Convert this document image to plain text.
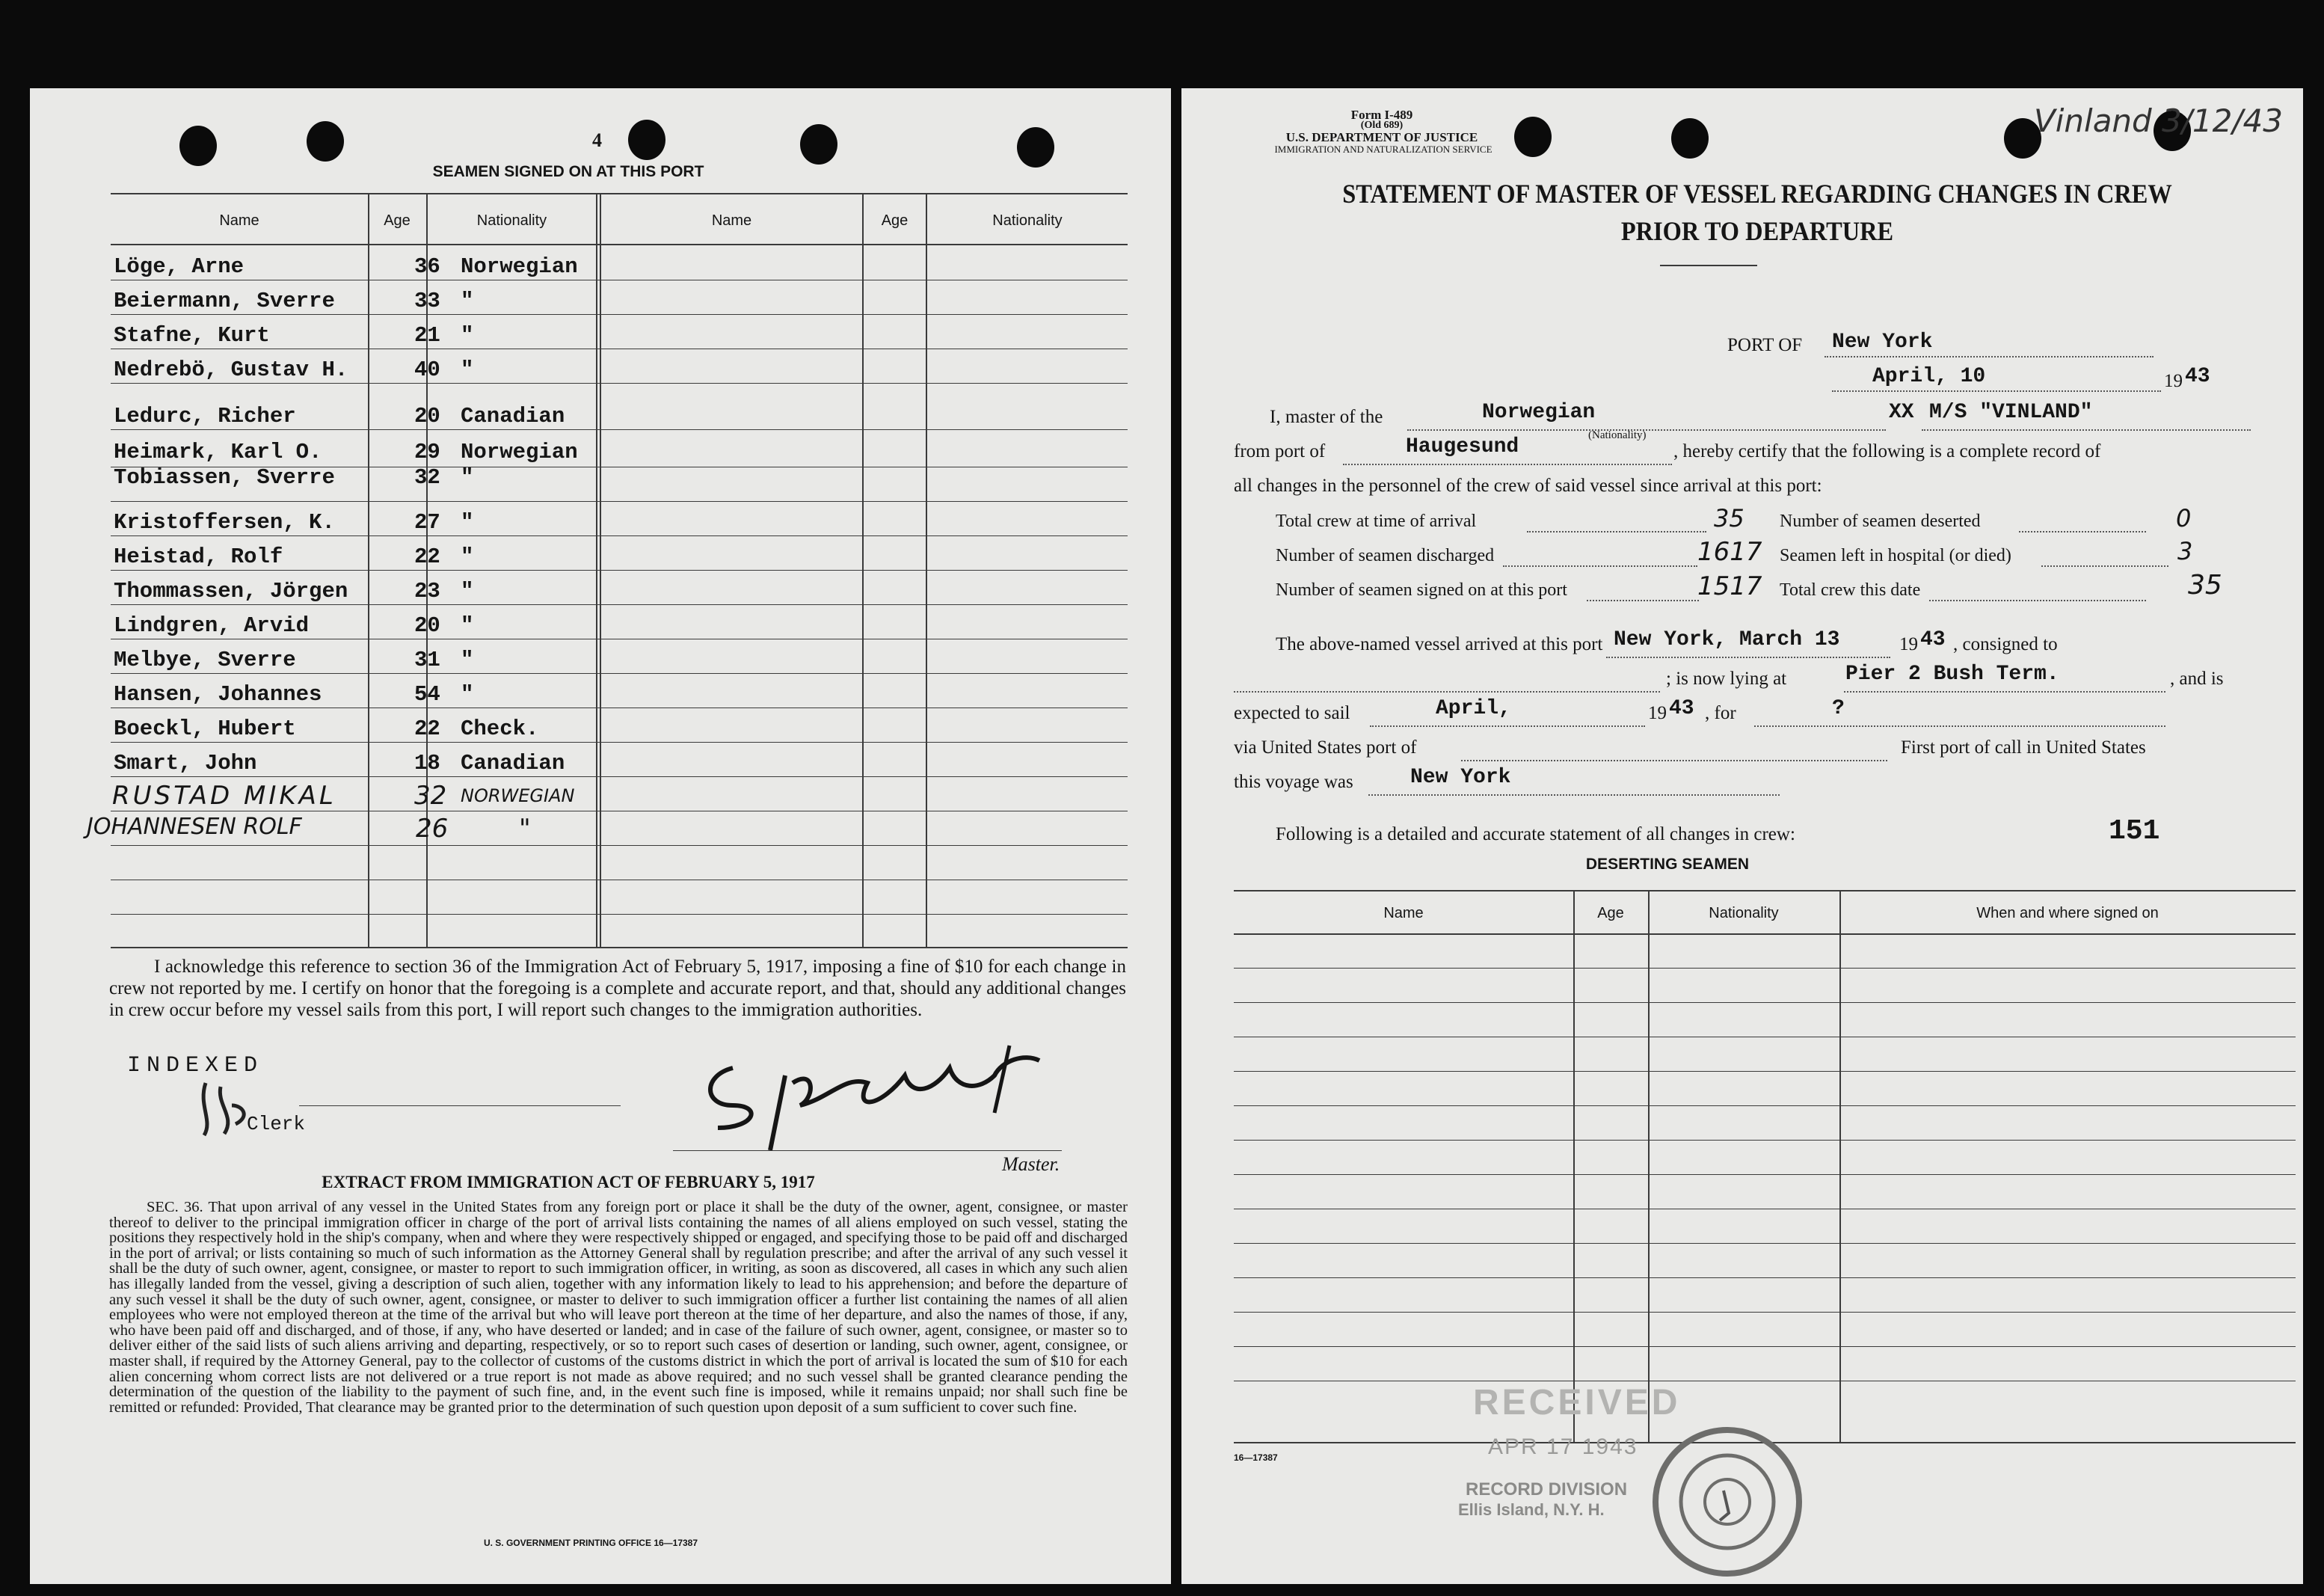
4
SEAMEN SIGNED ON AT THIS PORT
Name	Age	Nationality	Name	Age	Nationality
Löge, Arne	36 Norwegian
Beiermann, Sverre	33 "
Stafne, Kurt	21 "
Nedrebö, Gustav H.	40 "
Ledurc, Richer	20 Canadian
Heimark, Karl O.	29 Norwegian
Tobiassen, Sverre	32 "
Kristoffersen, K.	27 "
Heistad, Rolf	22 "
Thommassen, Jörgen	23 "
Lindgren, Arvid	20 "
Melbye, Sverre	31 "
Hansen, Johannes	54 "
Boeckl, Hubert	22 Check.
Smart, John	18 Canadian
RUSTAD MIKAL	32 NORWEGIAN
JOHANNESEN ROLF	26	"
I acknowledge this reference to section 36 of the Immigration Act of February 5, 1917, imposing a fine of $10 for each change in crew not reported by me. I certify on honor that the foregoing is a complete and accurate report, and that, should any additional changes in crew occur before my vessel sails from this port, I will report such changes to the immigration authorities.
INDEXED
Clerk
Master.
EXTRACT FROM IMMIGRATION ACT OF FEBRUARY 5, 1917
SEC. 36. That upon arrival of any vessel in the United States from any foreign port or place it shall be the duty of the owner, agent, consignee, or master thereof to deliver to the principal immigration officer in charge of the port of arrival lists containing the names of all aliens employed on such vessel, stating the positions they respectively hold in the ship's company, when and where they were respectively shipped or engaged, and specifying those to be paid off and discharged in the port of arrival; or lists containing so much of such information as the Attorney General shall by regulation prescribe; and after the arrival of any such vessel it shall be the duty of such owner, agent, consignee, or master to report to such immigration officer, in writing, as soon as discovered, all cases in which any such alien has illegally landed from the vessel, giving a description of such alien, together with any information likely to lead to his apprehension; and before the departure of any such vessel it shall be the duty of such owner, agent, consignee, or master to deliver to such immigration officer a further list containing the names of all alien employees who were not employed thereon at the time of the arrival but who will leave port thereon at the time of her departure, and also the names of those, if any, who have been paid off and discharged, and of those, if any, who have deserted or landed; and in case of the failure of such owner, agent, consignee, or master so to deliver either of the said lists of such aliens arriving and departing, respectively, or so to report such cases of desertion or landing, such owner, agent, consignee, or master shall, if required by the Attorney General, pay to the collector of customs of the customs district in which the port of arrival is located the sum of $10 for each alien concerning whom correct lists are not delivered or a true report is not made as above required; and no such vessel shall be granted clearance pending the determination of the question of the liability to the payment of such fine, and, in the event such fine is imposed, while it remains unpaid; nor shall such fine be remitted or refunded: Provided, That clearance may be granted prior to the determination of such question upon deposit of a sum sufficient to cover such fine.
U. S. GOVERNMENT PRINTING OFFICE 16—17387
Form I-489
(Old 689)
U.S. DEPARTMENT OF JUSTICE
IMMIGRATION AND NATURALIZATION SERVICE
Vinland 3/12/43
STATEMENT OF MASTER OF VESSEL REGARDING CHANGES IN CREW
PRIOR TO DEPARTURE

PORT OF New York
April, 10	19 43
I, master of the	Norwegian
(Nationality)
XX M/S "VINLAND"
from port of	Haugesund	, hereby certify that the following is a complete record of
all changes in the personnel of the crew of said vessel since arrival at this port:
Total crew at time of arrival	35 Number of seamen deserted	0
Number of seamen discharged	1617 Seamen left in hospital (or died)	3
Number of seamen signed on at this port	1517 Total crew this date	35
The above-named vessel arrived at this port New York, March 13	19 43 , consigned to
; is now lying at	Pier 2 Bush Term.	, and is
expected to sail	April,	19 43 , for	?
via United States port of	First port of call in United States
this voyage was	New York
Following is a detailed and accurate statement of all changes in crew:	151
DESERTING SEAMEN
Name	Age	Nationality	When and where signed on
RECEIVED
APR 17 1943
RECORD DIVISION
Ellis Island, N.Y. H.
16—17387
